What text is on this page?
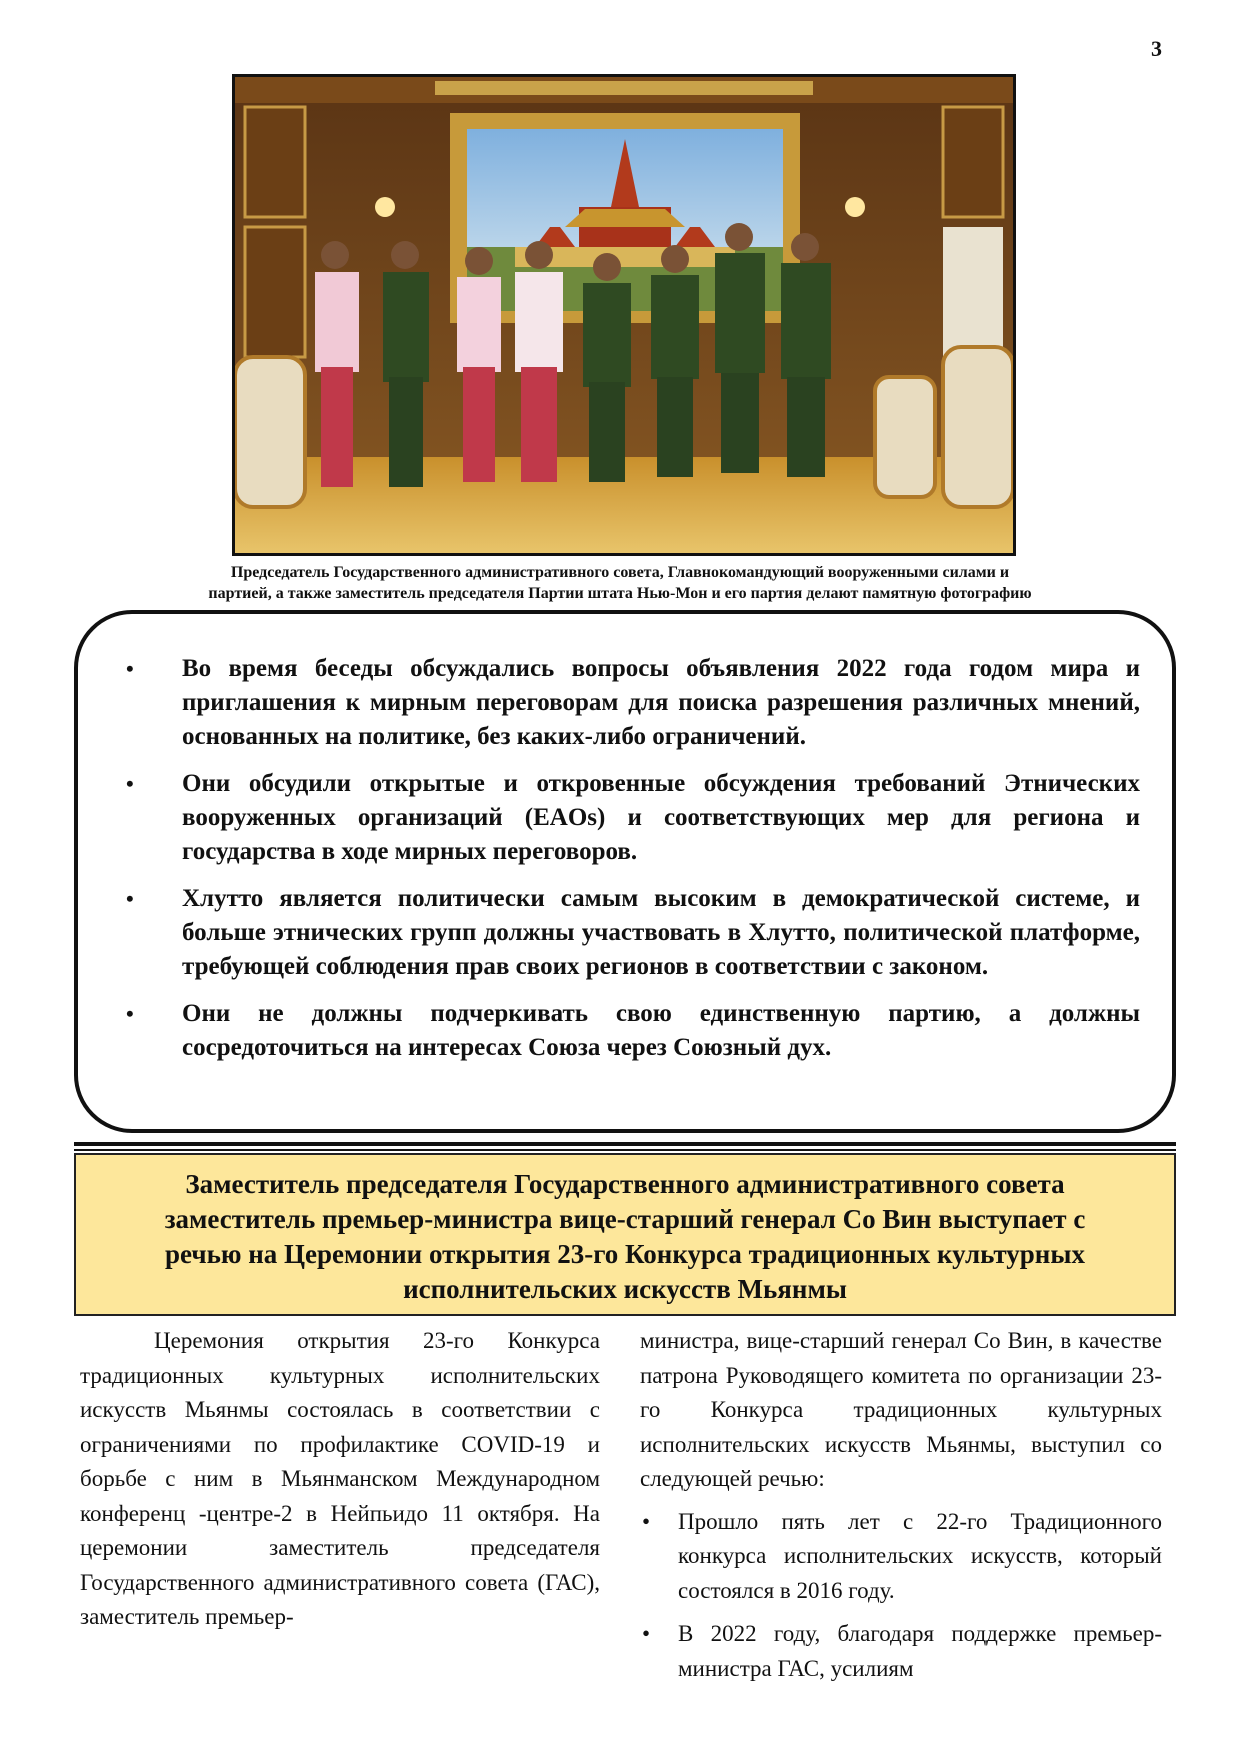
3
Председатель Государственного административного совета, Главнокомандующий вооруженными силами и
партией, а также заместитель председателя Партии штата Нью-Мон и его партия делают памятную фотографию
• Во время беседы обсуждались вопросы объявления 2022 года годом мира и приглашения к мирным переговорам для поиска разрешения различных мнений, основанных на политике, без каких-либо ограничений.
• Они обсудили открытые и откровенные обсуждения требований Этнических вооруженных организаций (EAOs) и соответствующих мер для региона и государства в ходе мирных переговоров.
• Хлутто является политически самым высоким в демократической системе, и больше этнических групп должны участвовать в Хлутто, политической платформе, требующей соблюдения прав своих регионов в соответствии с законом.
• Они не должны подчеркивать свою единственную партию, а должны сосредоточиться на интересах Союза через Союзный дух.
Заместитель председателя Государственного административного совета
заместитель премьер-министра вице-старший генерал Со Вин выступает с
речью на Церемонии открытия 23-го Конкурса традиционных культурных
исполнительских искусств Мьянмы

Церемония открытия 23-го Конкурса традиционных культурных исполнительских искусств Мьянмы состоялась в соответствии с ограничениями по профилактике COVID-19 и борьбе с ним в Мьянманском Международном конференц -центре-2 в Нейпьидо 11 октября. На церемонии заместитель председателя Государственного административного совета (ГАС), заместитель премьер-

министра, вице-старший генерал Со Вин, в качестве патрона Руководящего комитета по организации 23-го Конкурса традиционных культурных исполнительских искусств Мьянмы, выступил со следующей речью:

• Прошло пять лет с 22-го Традиционного конкурса исполнительских искусств, который состоялся в 2016 году.
• В 2022 году, благодаря поддержке премьер-министра ГАС, усилиям
